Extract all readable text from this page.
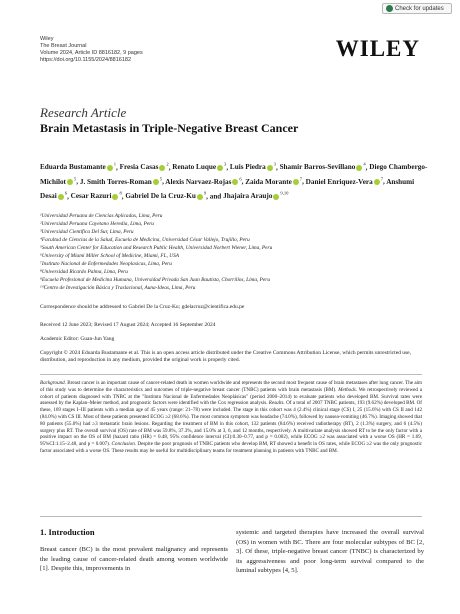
Check for updates
Wiley
The Breast Journal
Volume 2024, Article ID 8816182, 9 pages
https://doi.org/10.1155/2024/8816182	WILEY
Research Article
Brain Metastasis in Triple-Negative Breast Cancer
Eduarda Bustamante $^1$, Fresia Casas $^2$, Renato Luque $^3$, Luis Piedra $^3$, Shamir Barros-Sevillano $^4$, Diego Chambergo-Michilot $^5$, J. Smith Torres-Roman $^5$, Alexis Narvaez-Rojas $^6$, Zaida Morante $^7$, Daniel Enriquez-Vera $^7$, Anshumi Desai $^6$, Cesar Razuri $^8$, Gabriel De la Cruz-Ku $^9$, and Jhajaira Araujo $^{9,10}$
¹Universidad Peruana de Ciencias Aplicadas, Lima, Peru
²Universidad Peruana Cayetano Heredia, Lima, Peru
³Universidad Científica Del Sur, Lima, Peru
⁴Facultad de Ciencias de la Salud, Escuela de Medicina, Universidad César Vallejo, Trujillo, Peru
⁵South American Center for Education and Research Public Health, Universidad Norbert Wiener, Lima, Peru
⁶University of Miami Miller School of Medicine, Miami, FL, USA
⁷Instituto Nacional de Enfermedades Neoplasicas, Lima, Peru
⁸Universidad Ricardo Palma, Lima, Peru
⁹Escuela Profesional de Medicina Humana, Universidad Privada San Juan Bautista, Chorrillos, Lima, Peru
¹⁰Centro de Investigación Básica y Traslacional, Auna-Ideas, Lima, Peru
Correspondence should be addressed to Gabriel De la Cruz-Ku; gdelacruz@cientifica.edu.pe
Received 12 June 2023; Revised 17 August 2024; Accepted 16 September 2024
Academic Editor: Guan-Jun Yang
Copyright © 2024 Eduarda Bustamante et al. This is an open access article distributed under the Creative Commons Attribution License, which permits unrestricted use, distribution, and reproduction in any medium, provided the original work is properly cited.
Background. Breast cancer is an important cause of cancer-related death in women worldwide and represents the second most frequent cause of brain metastases after lung cancer. The aim of this study was to determine the characteristics and outcomes of triple-negative breast cancer (TNBC) patients with brain metastasis (BM). Methods. We retrospectively reviewed a cohort of patients diagnosed with TNBC at the "Instituto Nacional de Enfermedades Neoplásicas" (period 2000–2014) to evaluate patients who developed BM. Survival rates were assessed by the Kaplan–Meier method, and prognostic factors were identified with the Cox regression analysis. Results. Of a total of 2007 TNBC patients, 193 (9.62%) developed BM. Of these, 169 stages I–III patients with a median age of 45 years (range: 21–78) were included. The stage in this cohort was 4 (2.4%) clinical stage (CS) I, 25 (15.6%) with CS II and 142 (84.0%) with CS III. Most of these patients presented ECOG ≥2 (68.6%). The most common symptom was headache (74.0%), followed by nausea-vomiting (46.7%). Imaging showed that 80 patients (55.0%) had ≥3 metastatic brain lesions. Regarding the treatment of BM in this cohort, 132 patients (84.6%) received radiotherapy (RT), 2 (1.3%) surgery, and 6 (4.5%) surgery plus RT. The overall survival (OS) rate of BM was 59.8%, 37.3%, and 15.0% at 3, 6, and 12 months, respectively. A multivariate analysis showed RT to be the only factor with a positive impact on the OS of BM (hazard ratio (HR) = 0.48, 95% confidence interval (CI):0.30–0.77, and p = 0.002), while ECOG ≥2 was associated with a worse OS (HR = 1.69, 95%CI:1.15–2.48, and p = 0.007). Conclusion. Despite the poor prognosis of TNBC patients who develop BM, RT showed a benefit in OS rates, while ECOG ≥2 was the only prognostic factor associated with a worse OS. These results may be useful for multidisciplinary teams for treatment planning in patients with TNBC and BM.
1. Introduction
Breast cancer (BC) is the most prevalent malignancy and represents the leading cause of cancer-related death among women worldwide [1]. Despite this, improvements in
systemic and targeted therapies have increased the overall survival (OS) in women with BC. There are four molecular subtypes of BC [2, 3]. Of these, triple-negative breast cancer (TNBC) is characterized by its aggressiveness and poor long-term survival compared to the luminal subtypes [4, 5].
